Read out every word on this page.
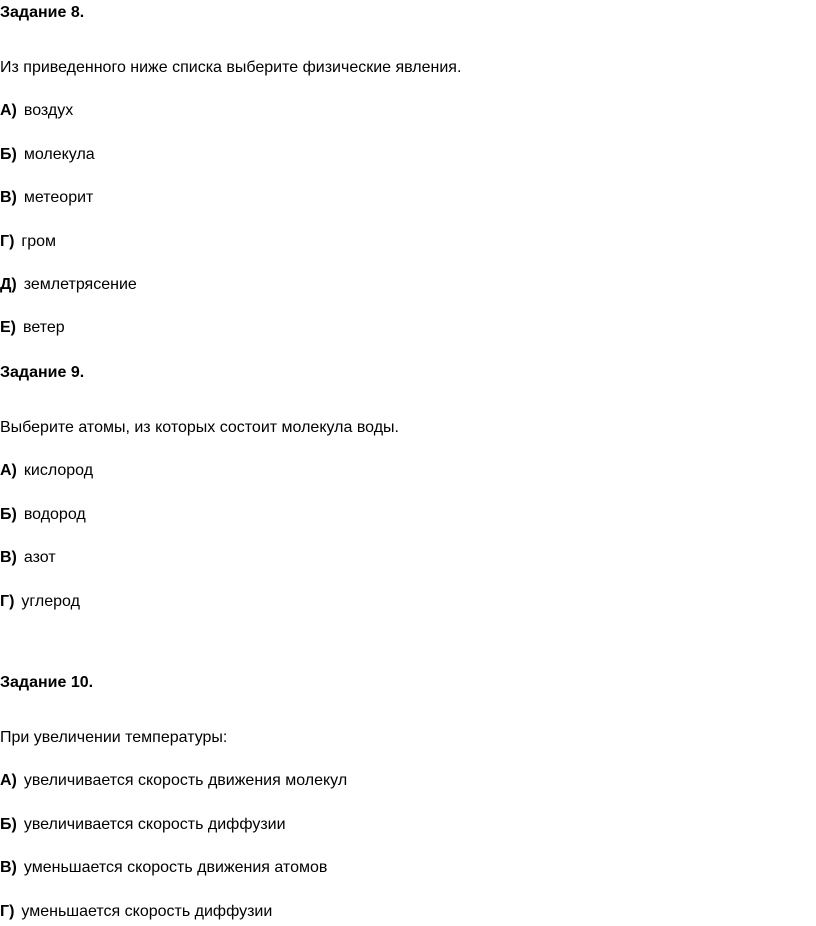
Задание 8.
Из приведенного ниже списка выберите физические явления.
А) воздух
Б) молекула
В) метеорит
Г) гром
Д) землетрясение
Е) ветер
Задание 9.
Выберите атомы, из которых состоит молекула воды.
А) кислород
Б) водород
В) азот
Г) углерод
Задание 10.
При увеличении температуры:
А) увеличивается скорость движения молекул
Б) увеличивается скорость диффузии
В) уменьшается скорость движения атомов
Г) уменьшается скорость диффузии
